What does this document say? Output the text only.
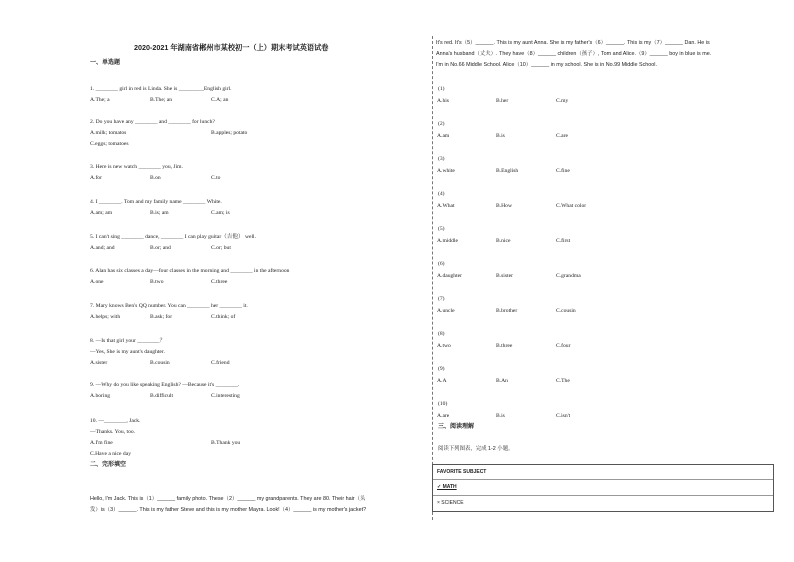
2020-2021 年湖南省郴州市某校初一（上）期末考试英语试卷
一、单选题
1. ________ girl in red is Linda. She is _________English girl.
A.The; a	B.The; an	C.A; an
2. Do you have any ________ and ________ for lunch?
A.milk; tomatos	B.apples; potato
C.eggs; tomatoes
3. Here is new watch ________ you, Jim.
A.for	B.on	C.to
4. I ________. Tom and my family name ________ White.
A.am; am	B.is; am	C.am; is
5. I can't sing ________ dance, ________ I can play guitar（吉他） well.
A.and; and	B.or; and	C.or; but
6. Alan has six classes a day—four classes in the morning and ________ in the afternoon
A.one	B.two	C.three
7. Mary knows Ben's QQ number. You can ________ her ________ it.
A.helps; with	B.ask; for	C.think; of
8. —Is that girl your ________？
—Yes, She is my aunt's daughter.
A.sister	B.cousin	C.friend
9. —Why do you like speaking English? —Because it's ________.
A.boring	B.difficult	C.interesting
10. —________, Jack.
—Thanks. You, too.
A.I'm fine	B.Thank you
C.Have a nice day
二、完形填空
Hello, I'm Jack. This is（1）______ family photo. These（2）______ my grandparents. They are 80. Their hair（头
发）is（3）______. This is my father Steve and this is my mother Mayra. Look!（4）______ is my mother's jacket?
It's red. It's（5）______. This is my aunt Anna. She is my father's（6）______. This is my（7）______ Dan. He is
Anna's husband（丈夫）. They have（8）______ children（孩子）, Tom and Alice.（9）______ boy in blue is me.
I'm in No.66 Middle School. Alice（10）______ in my school. She is in No.99 Middle School.
(1)
A.his	B.her	C.my
(2)
A.am	B.is	C.are
(3)
A.white	B.English	C.fine
(4)
A.What	B.How	C.What color
(5)
A.middle	B.nice	C.first
(6)
A.daughter	B.sister	C.grandma
(7)
A.uncle	B.brother	C.cousin
(8)
A.two	B.three	C.four
(9)
A.A	B.An	C.The
(10)
A.are	B.is	C.isn't
三、阅读理解
阅读下列图表，完成 1-2 小题。
FAVORITE SUBJECT
✓ MATH
× SCIENCE
